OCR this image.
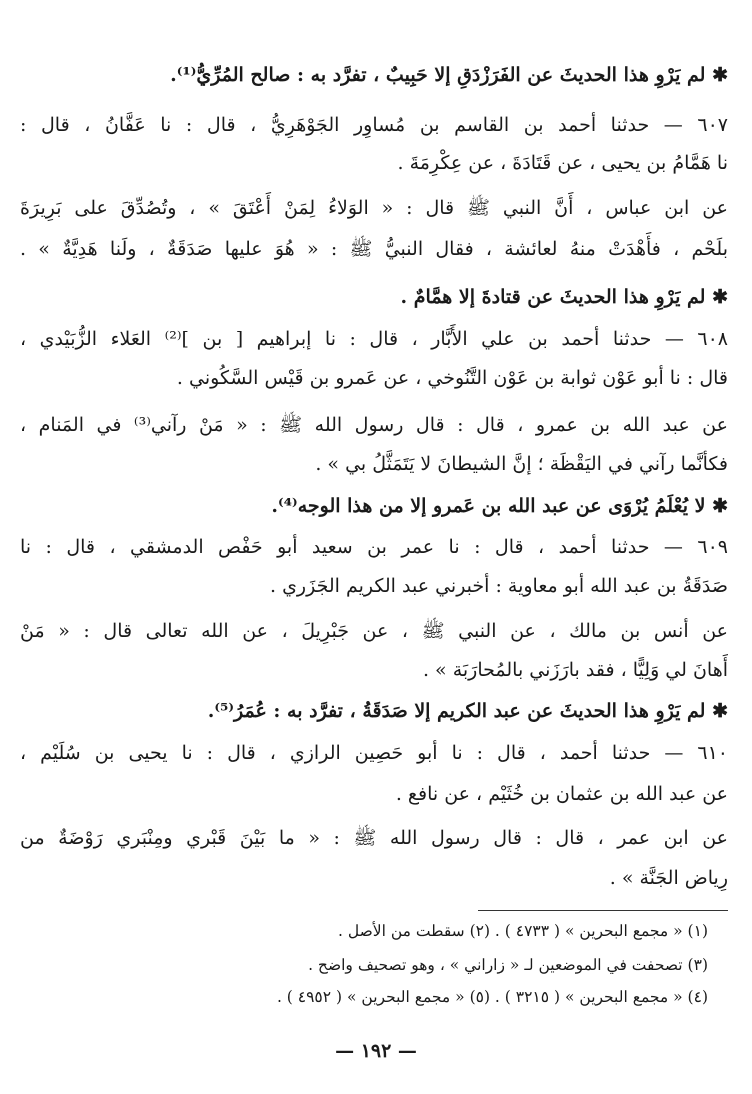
✱ لم يَرْوِ هذا الحديثَ عن الفَرَزْدَقِ إلا حَبِيبٌ ، تفرَّد به : صالح المُرِّيُّ⁽¹⁾.
٦٠٧ — حدثنا أحمد بن القاسم بن مُساوِر الجَوْهَرِيُّ ، قال : نا عَفَّانُ ، قال :
نا هَمَّامُ بن يحيى ، عن قَتَادَةَ ، عن عِكْرِمَةَ .
عن ابن عباس ، أَنَّ النبي ﷺ قال : « الوَلاءُ لِمَنْ أَعْتَقَ » ، وتُصُدِّقَ على بَرِيرَةَ
بلَحْم ، فأَهْدَتْ منهُ لعائشة ، فقال النبيُّ ﷺ : « هُوَ عليها صَدَقَةٌ ، ولَنا هَدِيَّةٌ » .
✱ لم يَرْوِ هذا الحديثَ عن قتادةَ إلا همَّامٌ .
٦٠٨ — حدثنا أحمد بن علي الأَبَّار ، قال : نا إبراهيم [ بن ]⁽²⁾ العَلاء الزُّبَيْدي ،
قال : نا أبو عَوْن ثوابة بن عَوْن التَّنُوخي ، عن عَمرو بن قَيْس السَّكُوني .
عن عبد الله بن عمرو ، قال : قال رسول الله ﷺ : « مَنْ رآني⁽³⁾ في المَنام ،
فكأنَّما رآني في اليَقْظَة ؛ إنَّ الشيطانَ لا يَتَمَثَّلُ بي » .
✱ لا يُعْلَمُ يُرْوَى عن عبد الله بن عَمرو إلا من هذا الوجه⁽⁴⁾.
٦٠٩ — حدثنا أحمد ، قال : نا عمر بن سعيد أبو حَفْص الدمشقي ، قال : نا
صَدَقَةُ بن عبد الله أبو معاوية : أخبرني عبد الكريم الجَزَري .
عن أنس بن مالك ، عن النبي ﷺ ، عن جَبْرِيلَ ، عن الله تعالى قال : « مَنْ
أَهانَ لي وَلِيًّا ، فقد بارَزَني بالمُحارَبَة » .
✱ لم يَرْوِ هذا الحديثَ عن عبد الكريم إلا صَدَقَةُ ، تفرَّد به : عُمَرُ⁽⁵⁾.
٦١٠ — حدثنا أحمد ، قال : نا أبو حَصِين الرازي ، قال : نا يحيى بن سُلَيْم ،
عن عبد الله بن عثمان بن خُثَيْم ، عن نافع .
عن ابن عمر ، قال : قال رسول الله ﷺ : « ما بَيْنَ قَبْري ومِنْبَري رَوْضَةٌ من
رِياض الجَنَّة » .
(١) « مجمع البحرين » ( ٤٧٣٣ ) . (٢) سقطت من الأصل .
(٣) تصحفت في الموضعين لـ « زاراني » ، وهو تصحيف واضح .
(٤) « مجمع البحرين » ( ٣٢١٥ ) . (٥) « مجمع البحرين » ( ٤٩٥٢ ) .
— ١٩٢ —
